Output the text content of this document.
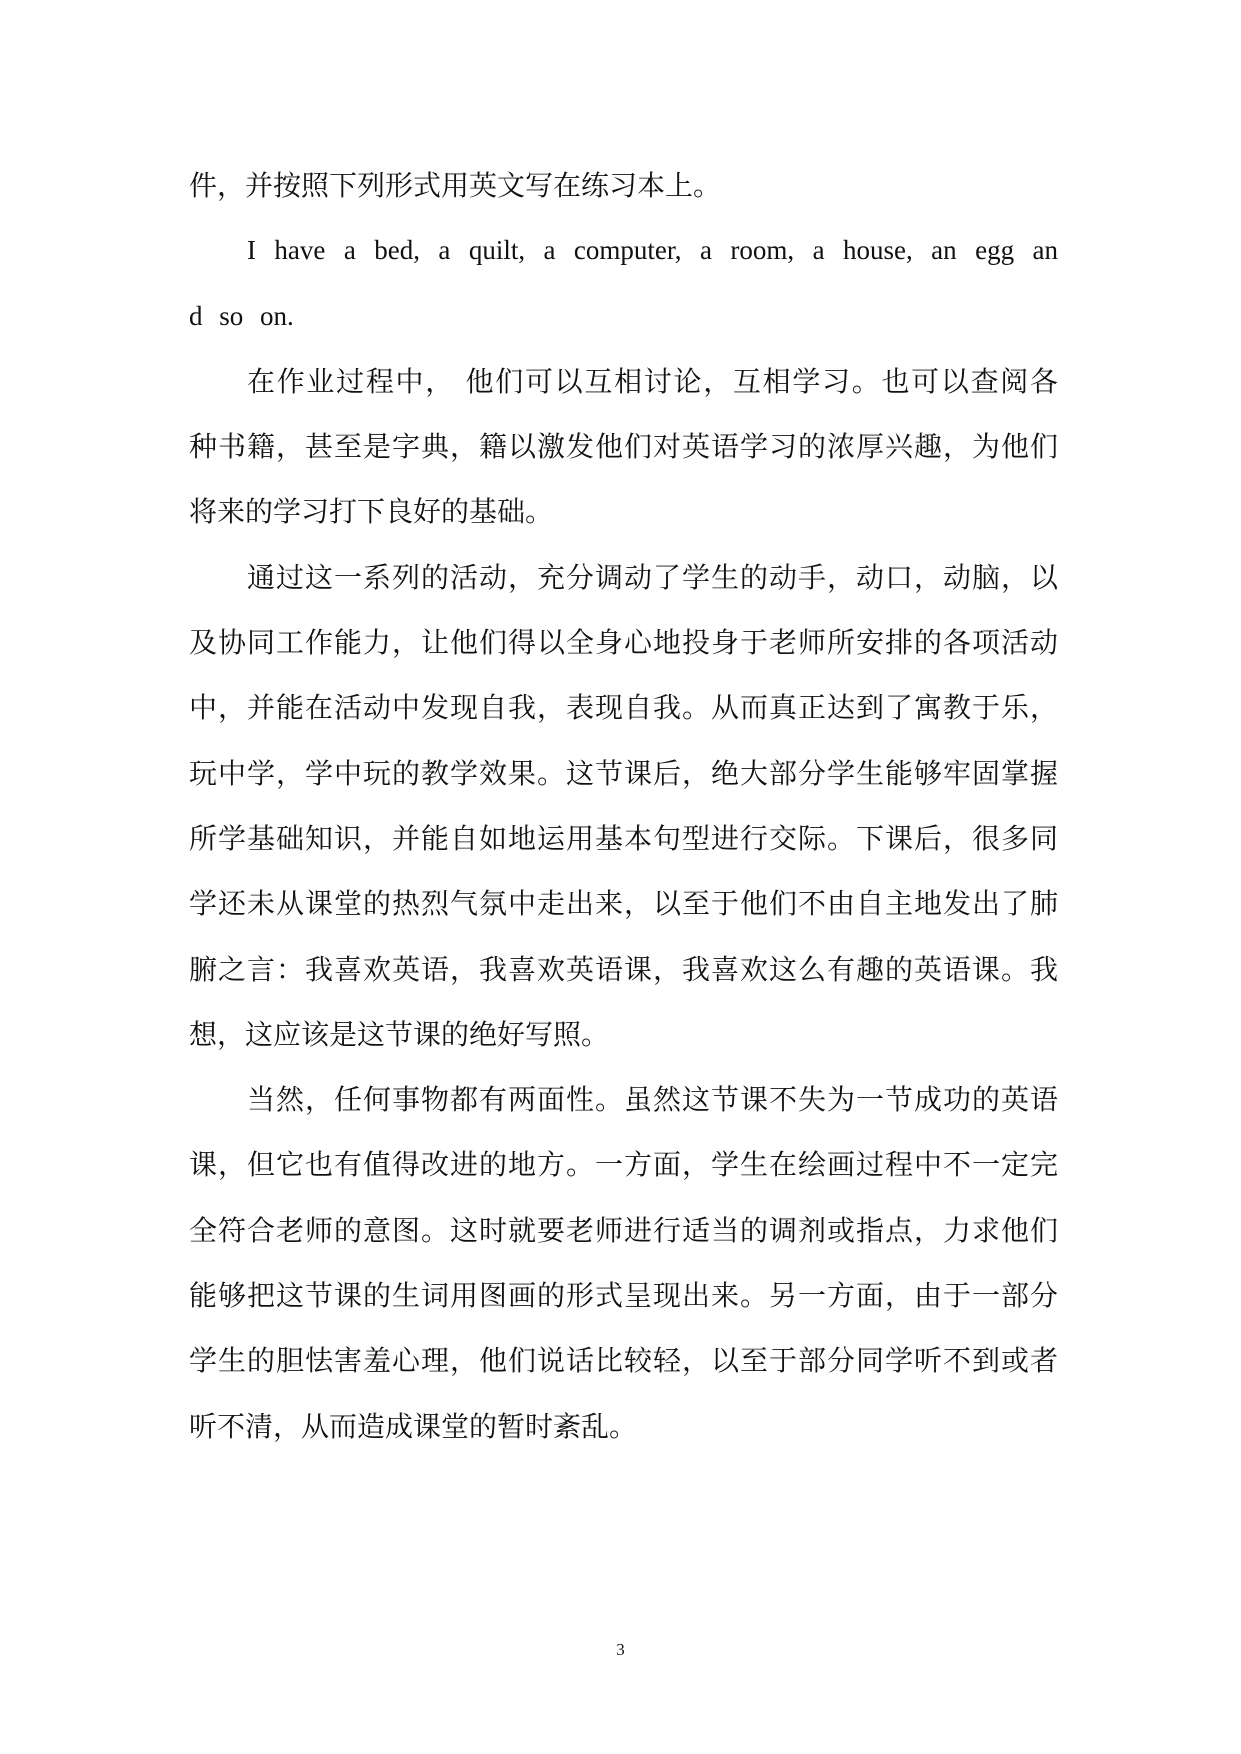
件，并按照下列形式用英文写在练习本上。
I have a bed, a quilt, a computer, a room, a house, an egg an
d so on.
在作业过程中， 他们可以互相讨论，互相学习。也可以查阅各
种书籍，甚至是字典，籍以激发他们对英语学习的浓厚兴趣，为他们
将来的学习打下良好的基础。
通过这一系列的活动，充分调动了学生的动手，动口，动脑，以
及协同工作能力，让他们得以全身心地投身于老师所安排的各项活动
中，并能在活动中发现自我，表现自我。从而真正达到了寓教于乐，
玩中学，学中玩的教学效果。这节课后，绝大部分学生能够牢固掌握
所学基础知识，并能自如地运用基本句型进行交际。下课后，很多同
学还未从课堂的热烈气氛中走出来，以至于他们不由自主地发出了肺
腑之言：我喜欢英语，我喜欢英语课，我喜欢这么有趣的英语课。我
想，这应该是这节课的绝好写照。
当然，任何事物都有两面性。虽然这节课不失为一节成功的英语
课，但它也有值得改进的地方。一方面，学生在绘画过程中不一定完
全符合老师的意图。这时就要老师进行适当的调剂或指点，力求他们
能够把这节课的生词用图画的形式呈现出来。另一方面，由于一部分
学生的胆怯害羞心理，他们说话比较轻，以至于部分同学听不到或者
听不清，从而造成课堂的暂时紊乱。
3
